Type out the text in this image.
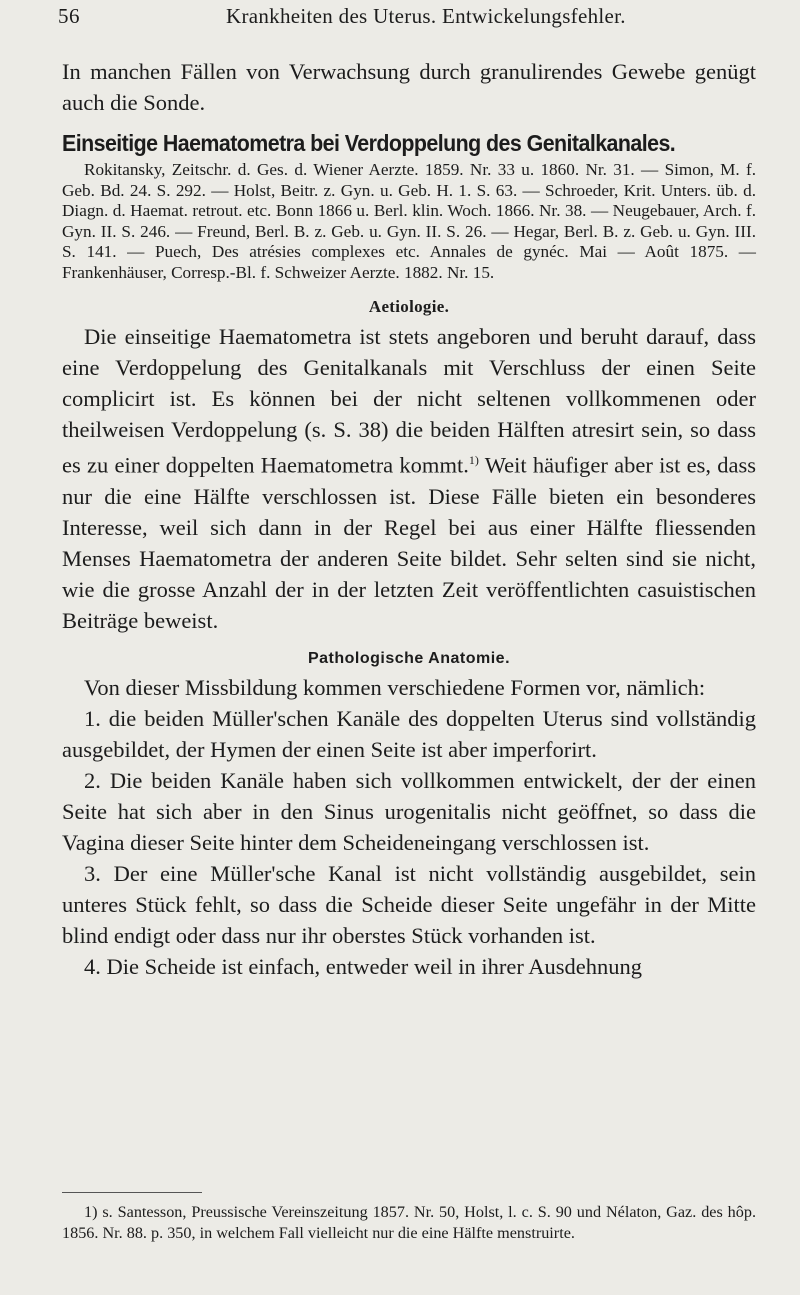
56	Krankheiten des Uterus. Entwickelungsfehler.

In manchen Fällen von Verwachsung durch granulirendes Gewebe genügt auch die Sonde.

Einseitige Haematometra bei Verdoppelung des Genitalkanales.

Rokitansky, Zeitschr. d. Ges. d. Wiener Aerzte. 1859. Nr. 33 u. 1860. Nr. 31. — Simon, M. f. Geb. Bd. 24. S. 292. — Holst, Beitr. z. Gyn. u. Geb. H. 1. S. 63. — Schroeder, Krit. Unters. üb. d. Diagn. d. Haemat. retrout. etc. Bonn 1866 u. Berl. klin. Woch. 1866. Nr. 38. — Neugebauer, Arch. f. Gyn. II. S. 246. — Freund, Berl. B. z. Geb. u. Gyn. II. S. 26. — Hegar, Berl. B. z. Geb. u. Gyn. III. S. 141. — Puech, Des atrésies complexes etc. Annales de gynéc. Mai — Août 1875. — Frankenhäuser, Corresp.-Bl. f. Schweizer Aerzte. 1882. Nr. 15.

Aetiologie.

Die einseitige Haematometra ist stets angeboren und beruht darauf, dass eine Verdoppelung des Genitalkanals mit Verschluss der einen Seite complicirt ist. Es können bei der nicht seltenen vollkommenen oder theilweisen Verdoppelung (s. S. 38) die beiden Hälften atresirt sein, so dass es zu einer doppelten Haematometra kommt.$^{1)}$ Weit häufiger aber ist es, dass nur die eine Hälfte verschlossen ist. Diese Fälle bieten ein besonderes Interesse, weil sich dann in der Regel bei aus einer Hälfte fliessenden Menses Haematometra der anderen Seite bildet. Sehr selten sind sie nicht, wie die grosse Anzahl der in der letzten Zeit veröffentlichten casuistischen Beiträge beweist.

Pathologische Anatomie.

Von dieser Missbildung kommen verschiedene Formen vor, nämlich:

1. die beiden Müller'schen Kanäle des doppelten Uterus sind vollständig ausgebildet, der Hymen der einen Seite ist aber imperforirt.

2. Die beiden Kanäle haben sich vollkommen entwickelt, der der einen Seite hat sich aber in den Sinus urogenitalis nicht geöffnet, so dass die Vagina dieser Seite hinter dem Scheideneingang verschlossen ist.

3. Der eine Müller'sche Kanal ist nicht vollständig ausgebildet, sein unteres Stück fehlt, so dass die Scheide dieser Seite ungefähr in der Mitte blind endigt oder dass nur ihr oberstes Stück vorhanden ist.

4. Die Scheide ist einfach, entweder weil in ihrer Ausdehnung

1) s. Santesson, Preussische Vereinszeitung 1857. Nr. 50, Holst, l. c. S. 90 und Nélaton, Gaz. des hôp. 1856. Nr. 88. p. 350, in welchem Fall vielleicht nur die eine Hälfte menstruirte.
